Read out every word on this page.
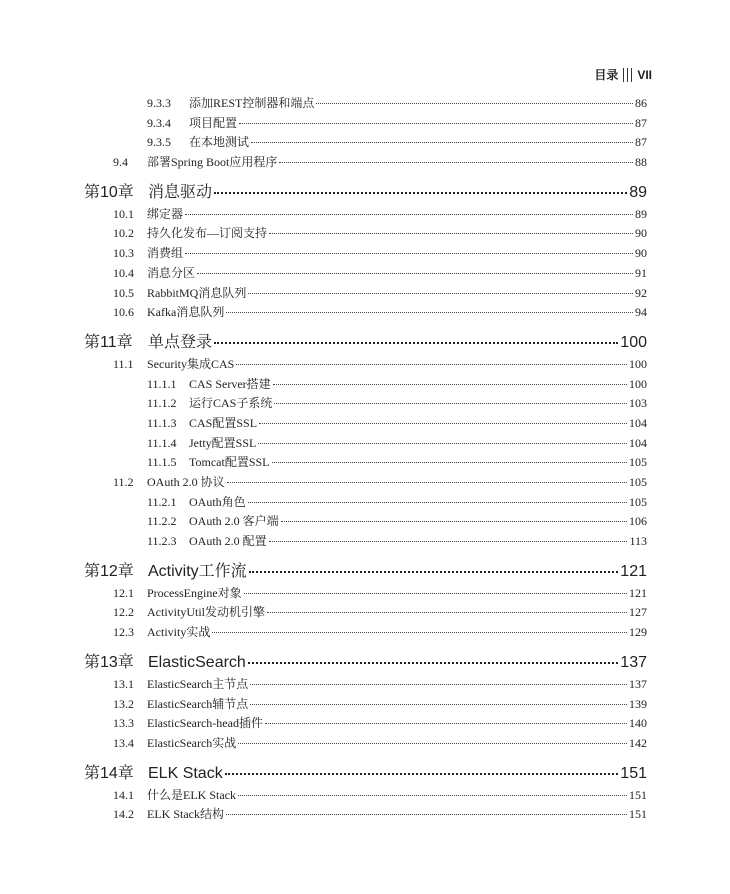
目录 VII
9.3.3	添加REST控制器和端点	86
9.3.4	项目配置	87
9.3.5	在本地测试	87
9.4	部署Spring Boot应用程序	88
第10章 消息驱动	89
10.1	绑定器	89
10.2	持久化发布—订阅支持	90
10.3	消费组	90
10.4	消息分区	91
10.5	RabbitMQ消息队列	92
10.6	Kafka消息队列	94
第11章 单点登录	100
11.1	Security集成CAS	100
11.1.1	CAS Server搭建	100
11.1.2	运行CAS子系统	103
11.1.3	CAS配置SSL	104
11.1.4	Jetty配置SSL	104
11.1.5	Tomcat配置SSL	105
11.2	OAuth 2.0 协议	105
11.2.1	OAuth角色	105
11.2.2	OAuth 2.0 客户端	106
11.2.3	OAuth 2.0 配置	113
第12章 Activity工作流	121
12.1	ProcessEngine对象	121
12.2	ActivityUtil发动机引擎	127
12.3	Activity实战	129
第13章 ElasticSearch	137
13.1	ElasticSearch主节点	137
13.2	ElasticSearch辅节点	139
13.3	ElasticSearch-head插件	140
13.4	ElasticSearch实战	142
第14章 ELK Stack	151
14.1	什么是ELK Stack	151
14.2	ELK Stack结构	151
